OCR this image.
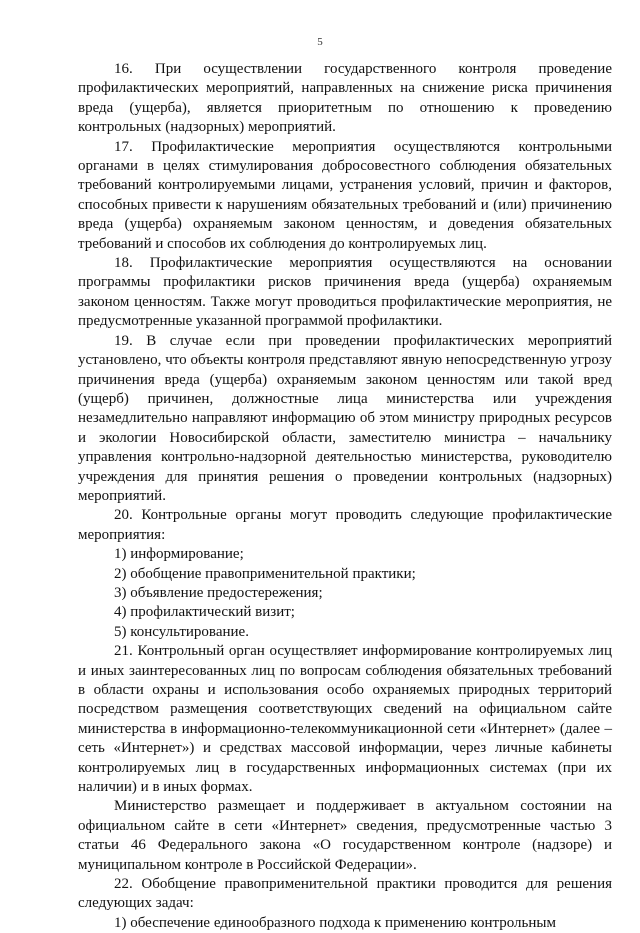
5

16. При осуществлении государственного контроля проведение профилактических мероприятий, направленных на снижение риска причинения вреда (ущерба), является приоритетным по отношению к проведению контрольных (надзорных) мероприятий.

17. Профилактические мероприятия осуществляются контрольными органами в целях стимулирования добросовестного соблюдения обязательных требований контролируемыми лицами, устранения условий, причин и факторов, способных привести к нарушениям обязательных требований и (или) причинению вреда (ущерба) охраняемым законом ценностям, и доведения обязательных требований и способов их соблюдения до контролируемых лиц.

18. Профилактические мероприятия осуществляются на основании программы профилактики рисков причинения вреда (ущерба) охраняемым законом ценностям. Также могут проводиться профилактические мероприятия, не предусмотренные указанной программой профилактики.

19. В случае если при проведении профилактических мероприятий установлено, что объекты контроля представляют явную непосредственную угрозу причинения вреда (ущерба) охраняемым законом ценностям или такой вред (ущерб) причинен, должностные лица министерства или учреждения незамедлительно направляют информацию об этом министру природных ресурсов и экологии Новосибирской области, заместителю министра – начальнику управления контрольно-надзорной деятельностью министерства, руководителю учреждения для принятия решения о проведении контрольных (надзорных) мероприятий.

20. Контрольные органы могут проводить следующие профилактические мероприятия:

1) информирование;

2) обобщение правоприменительной практики;

3) объявление предостережения;

4) профилактический визит;

5) консультирование.

21. Контрольный орган осуществляет информирование контролируемых лиц и иных заинтересованных лиц по вопросам соблюдения обязательных требований в области охраны и использования особо охраняемых природных территорий посредством размещения соответствующих сведений на официальном сайте министерства в информационно-телекоммуникационной сети «Интернет» (далее – сеть «Интернет») и средствах массовой информации, через личные кабинеты контролируемых лиц в государственных информационных системах (при их наличии) и в иных формах.

Министерство размещает и поддерживает в актуальном состоянии на официальном сайте в сети «Интернет» сведения, предусмотренные частью 3 статьи 46 Федерального закона «О государственном контроле (надзоре) и муниципальном контроле в Российской Федерации».

22. Обобщение правоприменительной практики проводится для решения следующих задач:

1) обеспечение единообразного подхода к применению контрольным
